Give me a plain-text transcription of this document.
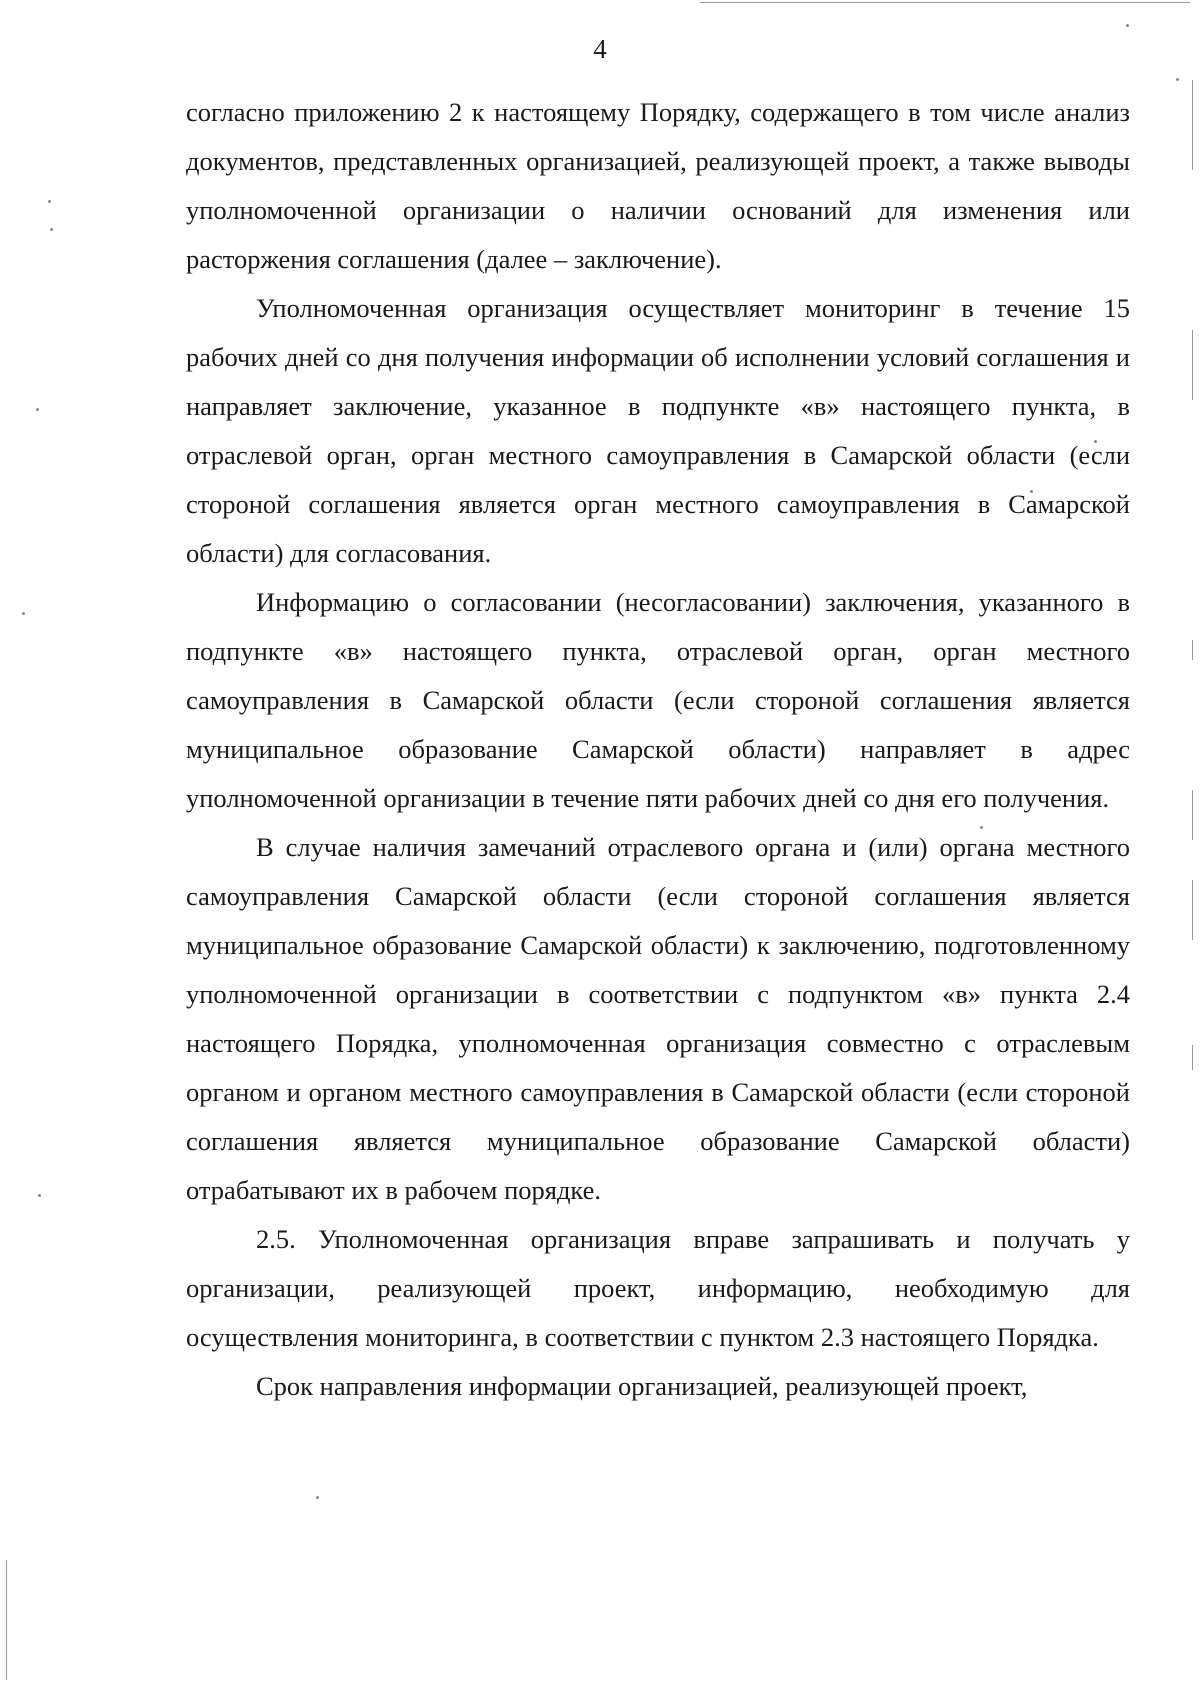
4

согласно приложению 2 к настоящему Порядку, содержащего в том числе анализ документов, представленных организацией, реализующей проект, а также выводы уполномоченной организации о наличии оснований для изменения или расторжения соглашения (далее – заключение).

Уполномоченная организация осуществляет мониторинг в течение 15 рабочих дней со дня получения информации об исполнении условий соглашения и направляет заключение, указанное в подпункте «в» настоящего пункта, в отраслевой орган, орган местного самоуправления в Самарской области (если стороной соглашения является орган местного самоуправления в Самарской области) для согласования.

Информацию о согласовании (несогласовании) заключения, указанного в подпункте «в» настоящего пункта, отраслевой орган, орган местного самоуправления в Самарской области (если стороной соглашения является муниципальное образование Самарской области) направляет в адрес уполномоченной организации в течение пяти рабочих дней со дня его получения.

В случае наличия замечаний отраслевого органа и (или) органа местного самоуправления Самарской области (если стороной соглашения является муниципальное образование Самарской области) к заключению, подготовленному уполномоченной организации в соответствии с подпунктом «в» пункта 2.4 настоящего Порядка, уполномоченная организация совместно с отраслевым органом и органом местного самоуправления в Самарской области (если стороной соглашения является муниципальное образование Самарской области) отрабатывают их в рабочем порядке.

2.5. Уполномоченная организация вправе запрашивать и получать у организации, реализующей проект, информацию, необходимую для осуществления мониторинга, в соответствии с пунктом 2.3 настоящего Порядка.

Срок направления информации организацией, реализующей проект,
